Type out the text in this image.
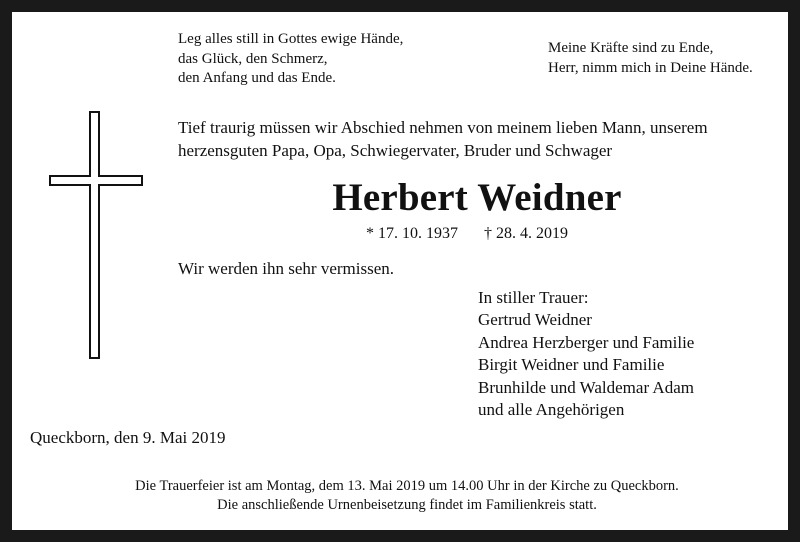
Leg alles still in Gottes ewige Hände,
das Glück, den Schmerz,
den Anfang und das Ende.
Meine Kräfte sind zu Ende,
Herr, nimm mich in Deine Hände.
Tief traurig müssen wir Abschied nehmen von meinem lieben Mann, unserem
herzensguten Papa, Opa, Schwiegervater, Bruder und Schwager
Herbert Weidner
* 17. 10. 1937 † 28. 4. 2019
Wir werden ihn sehr vermissen.
In stiller Trauer:
Gertrud Weidner
Andrea Herzberger und Familie
Birgit Weidner und Familie
Brunhilde und Waldemar Adam
und alle Angehörigen
Queckborn, den 9. Mai 2019
Die Trauerfeier ist am Montag, dem 13. Mai 2019 um 14.00 Uhr in der Kirche zu Queckborn.
Die anschließende Urnenbeisetzung findet im Familienkreis statt.
